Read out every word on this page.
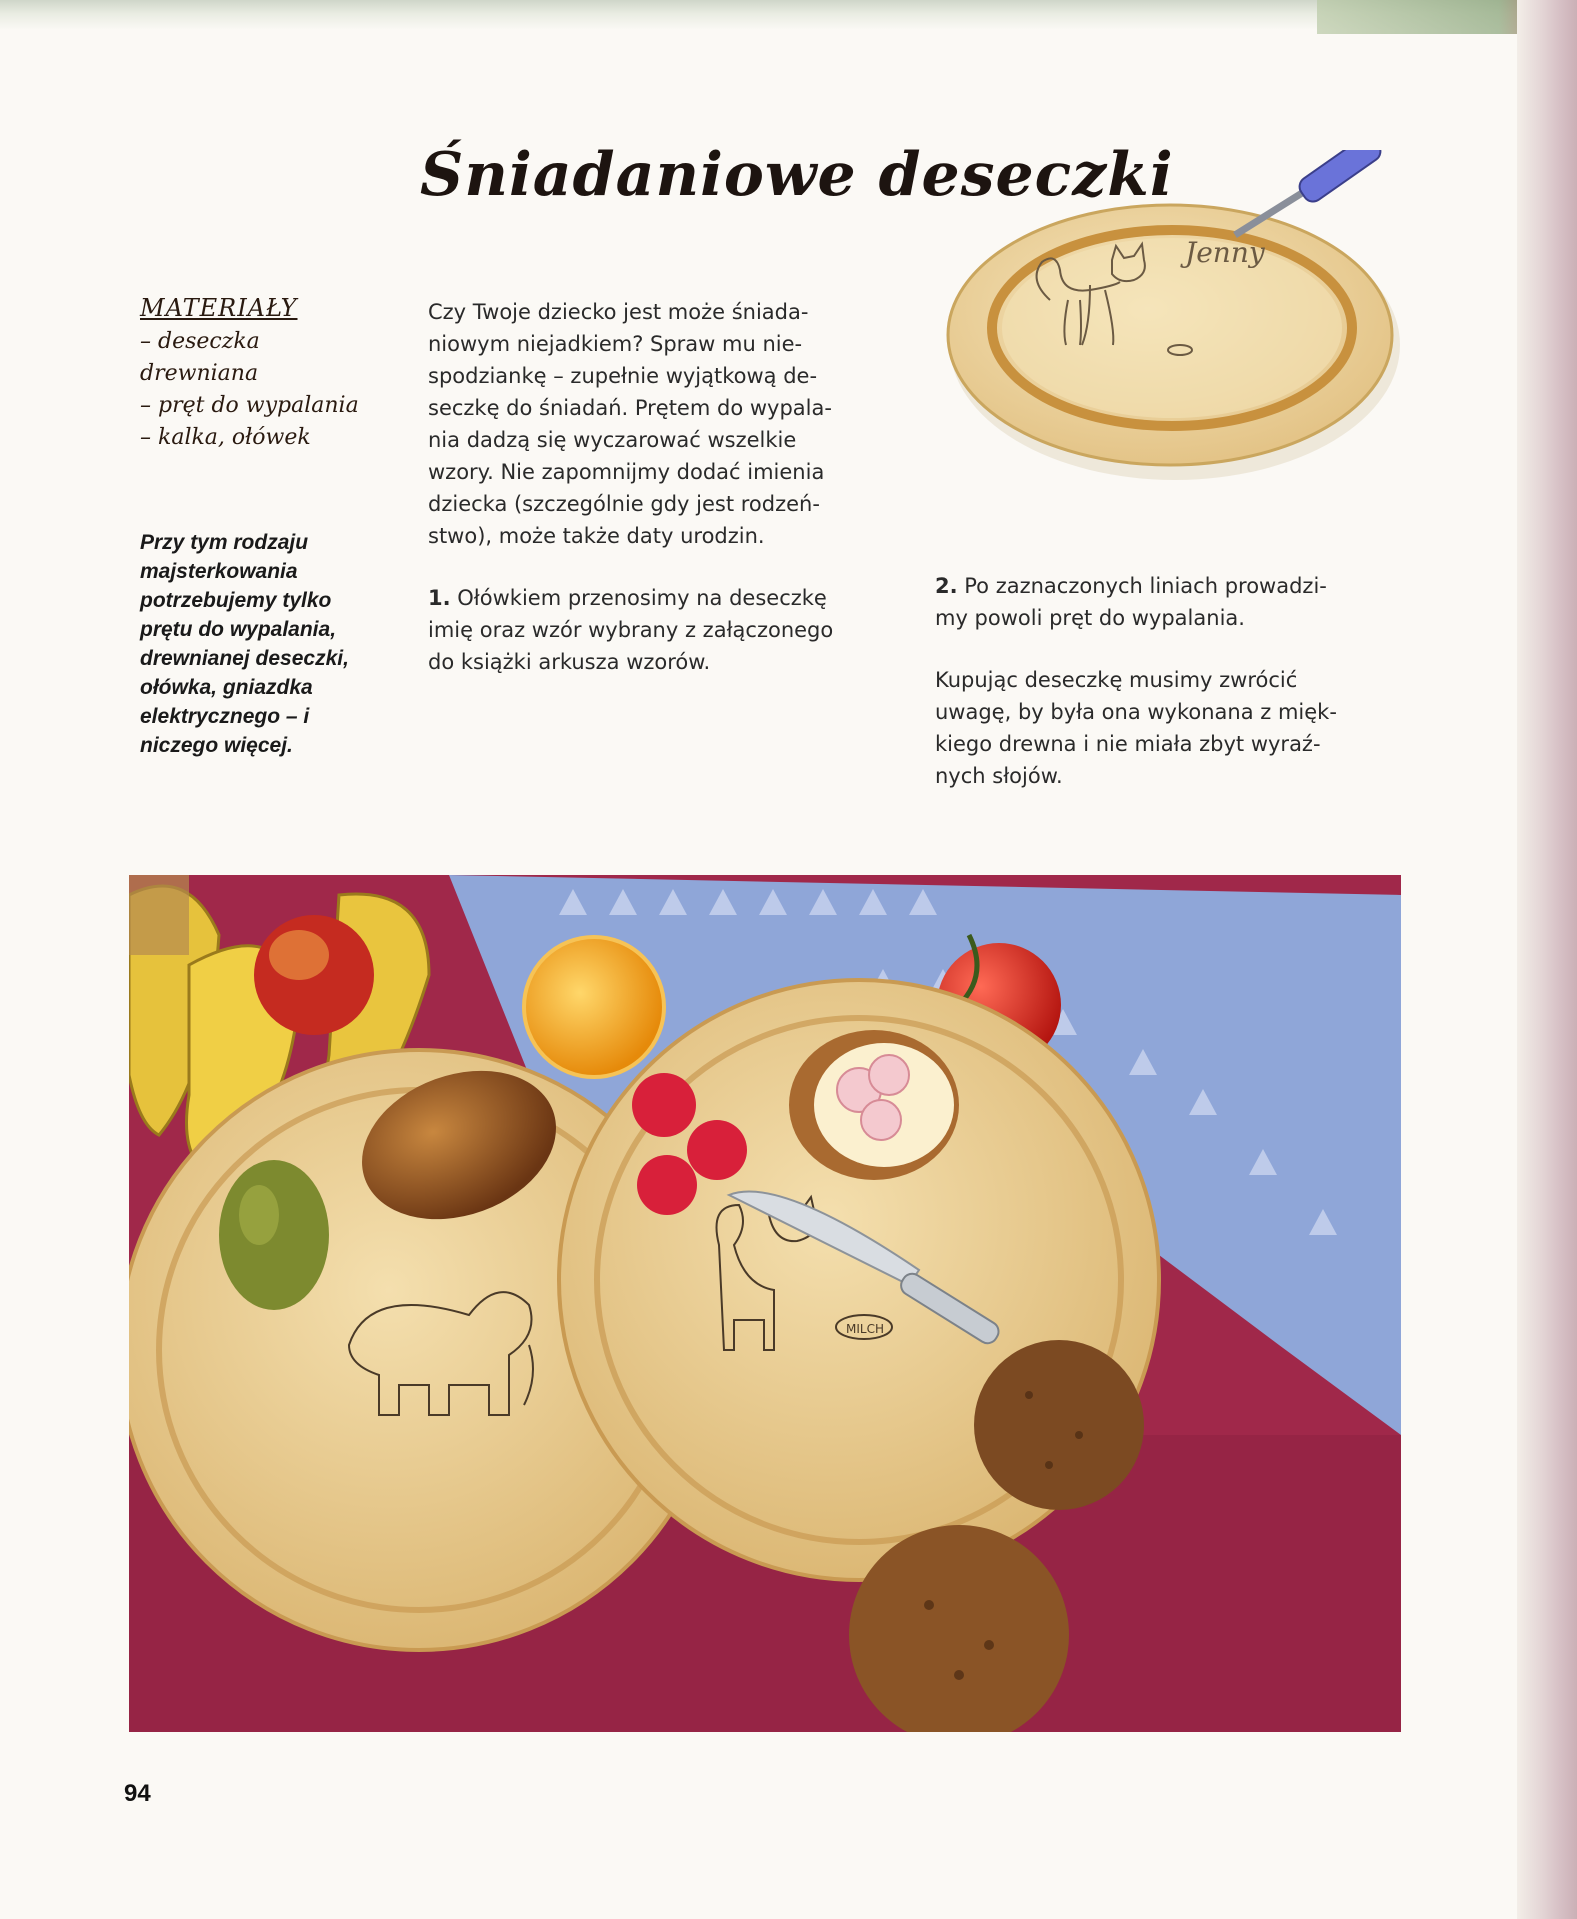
Śniadaniowe deseczki
Jenny
MATERIAŁY
– deseczka drewniana
– pręt do wypalania
– kalka, ołówek
Przy tym rodzaju majsterkowania potrzebujemy tylko prętu do wypalania, drewnianej deseczki, ołówka, gniazdka elektrycznego – i niczego więcej.

Czy Twoje dziecko jest może śniada-
niowym niejadkiem? Spraw mu nie-
spodziankę – zupełnie wyjątkową de-
seczkę do śniadań. Prętem do wypala-
nia dadzą się wyczarować wszelkie
wzory. Nie zapomnijmy dodać imienia
dziecka (szczególnie gdy jest rodzeń-
stwo), może także daty urodzin.

1. Ołówkiem przenosimy na deseczkę
imię oraz wzór wybrany z załączonego
do książki arkusza wzorów.

2. Po zaznaczonych liniach prowadzi-
my powoli pręt do wypalania.

Kupując deseczkę musimy zwrócić
uwagę, by była ona wykonana z mięk-
kiego drewna i nie miała zbyt wyraź-
nych słojów.

MILCH
94
